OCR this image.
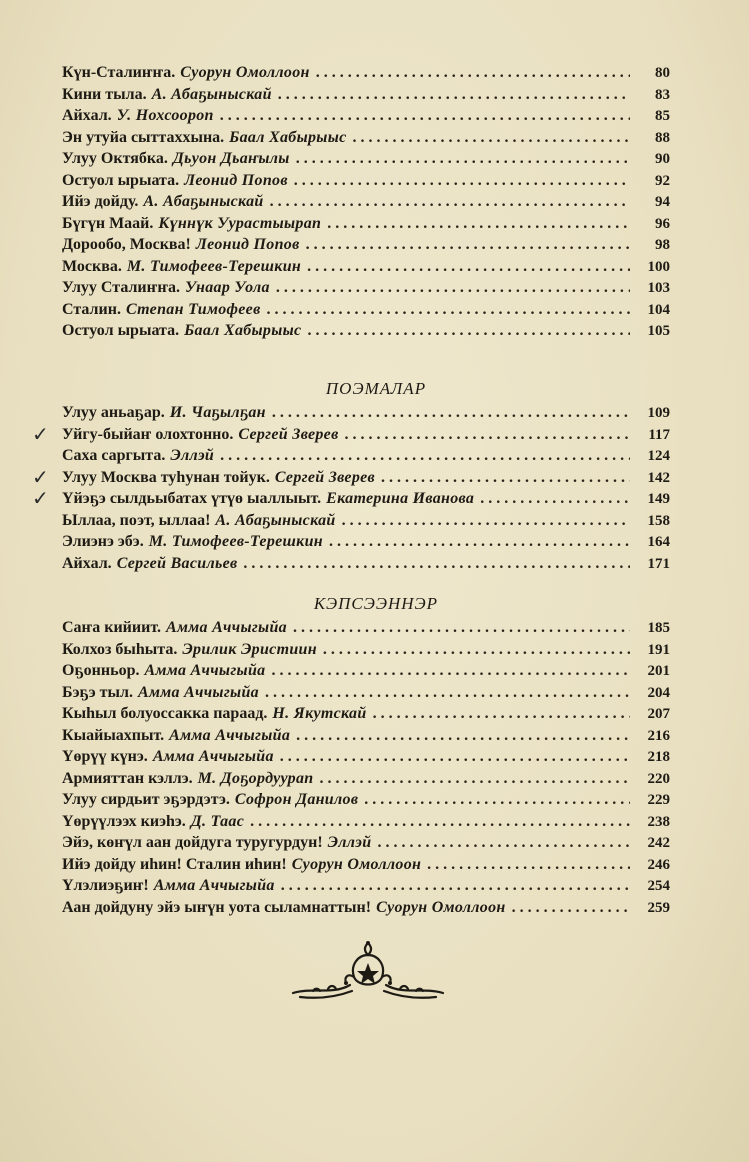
Күн-Сталиҥҥа. Суорун Омоллоон . . .	80
Кини тыла. А. Абаҕыныскай . . .	83
Айхал. У. Нохсоороп . . .	85
Эн утуйа сыттаххына. Баал Хабырыыс . . .	88
Улуу Октябка. Дьуон Дьаҥылы . . .	90
Остуол ырыата. Леонид Попов . . .	92
Ийэ дойду. А. Абаҕыныскай . . .	94
Бүгүн Маай. Күннүк Уурастыырап . . .	96
Дорообо, Москва! Леонид Попов . . .	98
Москва. М. Тимофеев-Терешкин . . .	100
Улуу Сталиҥҥа. Унаар Уола . . .	103
Сталин. Степан Тимофеев . . .	104
Остуол ырыата. Баал Хабырыыс . . .	105
ПОЭМАЛАР
Улуу аньаҕар. И. Чаҕылҕан . . .	109
✓ Уйгу-быйаҥ олохтонно. Сергей Зверев . . .	117
Саха саргыта. Эллэй . . .	124
✓ Улуу Москва туһунан тойук. Сергей Зверев . . .	142
✓ Үйэҕэ сылдьыбатах үтүө ыаллыыт. Екатерина Иванова . . .	149
Ыллаа, поэт, ыллаа! А. Абаҕыныскай . . .	158
Элиэнэ эбэ. М. Тимофеев-Терешкин . . .	164
Айхал. Сергей Васильев . . .	171
КЭПСЭЭННЭР
Саҥа кийиит. Амма Аччыгыйа . . .	185
Колхоз быһыта. Эрилик Эристиин . . .	191
Оҕонньор. Амма Аччыгыйа . . .	201
Бэҕэ тыл. Амма Аччыгыйа . . .	204
Кыһыл болуоссакка параад. Н. Якутскай . . .	207
Кыайыахпыт. Амма Аччыгыйа . . .	216
Үөрүү күнэ. Амма Аччыгыйа . . .	218
Армияттан кэллэ. М. Доҕордуурап . . .	220
Улуу сирдьит эҕэрдэтэ. Софрон Данилов . . .	229
Үөрүүлээх киэһэ. Д. Таас . . .	238
Эйэ, көҥүл аан дойдуга туругурдун! Эллэй . . .	242
Ийэ дойду иһин! Сталин иһин! Суорун Омоллоон . . .	246
Үлэлиэҕиҥ! Амма Аччыгыйа . . .	254
Аан дойдуну эйэ ыҥүн уота сыламнаттын! Суорун Омоллоон . . .	259
